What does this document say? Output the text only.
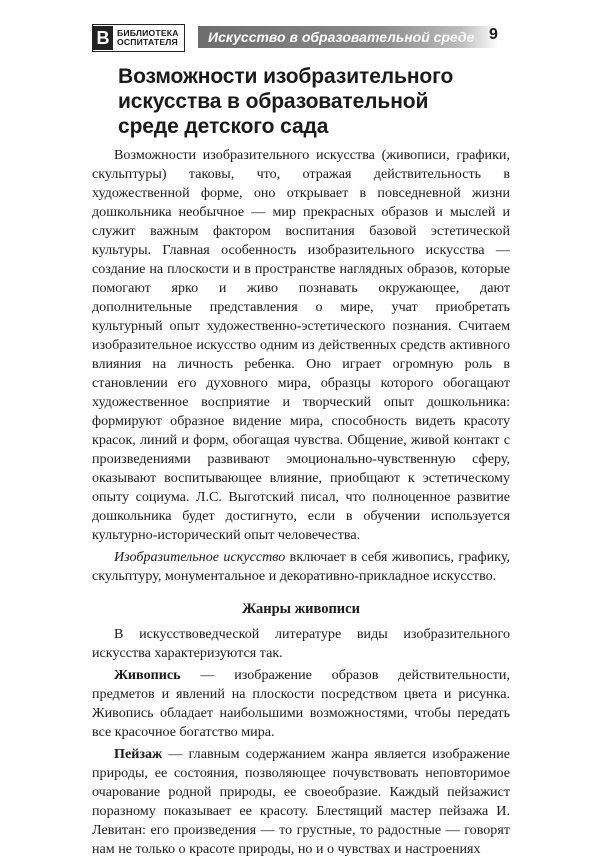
B БИБЛИОТЕКА
ОСПИТАТЕЛЯ	Искусство в образовательной среде 9
Возможности изобразительного
искусства в образовательной
среде детского сада

Возможности изобразительного искусства (живописи, графики, скульптуры) таковы, что, отражая действительность в художественной форме, оно открывает в повседневной жизни дошкольника необычное — мир прекрасных образов и мыслей и служит важным фактором воспитания базовой эстетической культуры. Главная особенность изобразительного искусства — создание на плоскости и в пространстве наглядных образов, которые помогают ярко и живо познавать окружающее, дают дополнительные представления о мире, учат приобретать культурный опыт художественно-эстетического познания. Считаем изобразительное искусство одним из действенных средств активного влияния на личность ребенка. Оно играет огромную роль в становлении его духовного мира, образцы которого обогащают художественное восприятие и творческий опыт дошкольника: формируют образное видение мира, способность видеть красоту красок, линий и форм, обогащая чувства. Общение, живой контакт с произведениями развивают эмоционально-чувственную сферу, оказывают воспитывающее влияние, приобщают к эстетическому опыту социума. Л.С. Выготский писал, что полноценное развитие дошкольника будет достигнуто, если в обучении используется культурно-исторический опыт человечества.

Изобразительное искусство включает в себя живопись, графику, скульптуру, монументальное и декоративно-прикладное искусство.

Жанры живописи

В искусствоведческой литературе виды изобразительного искусства характеризуются так.

Живопись — изображение образов действительности, предметов и явлений на плоскости посредством цвета и рисунка. Живопись обладает наибольшими возможностями, чтобы передать все красочное богатство мира.

Пейзаж — главным содержанием жанра является изображение природы, ее состояния, позволяющее почувствовать неповторимое очарование родной природы, ее своеобразие. Каждый пейзажист поразному показывает ее красоту. Блестящий мастер пейзажа И. Левитан: его произведения — то грустные, то радостные — говорят нам не только о красоте природы, но и о чувствах и настроениях
